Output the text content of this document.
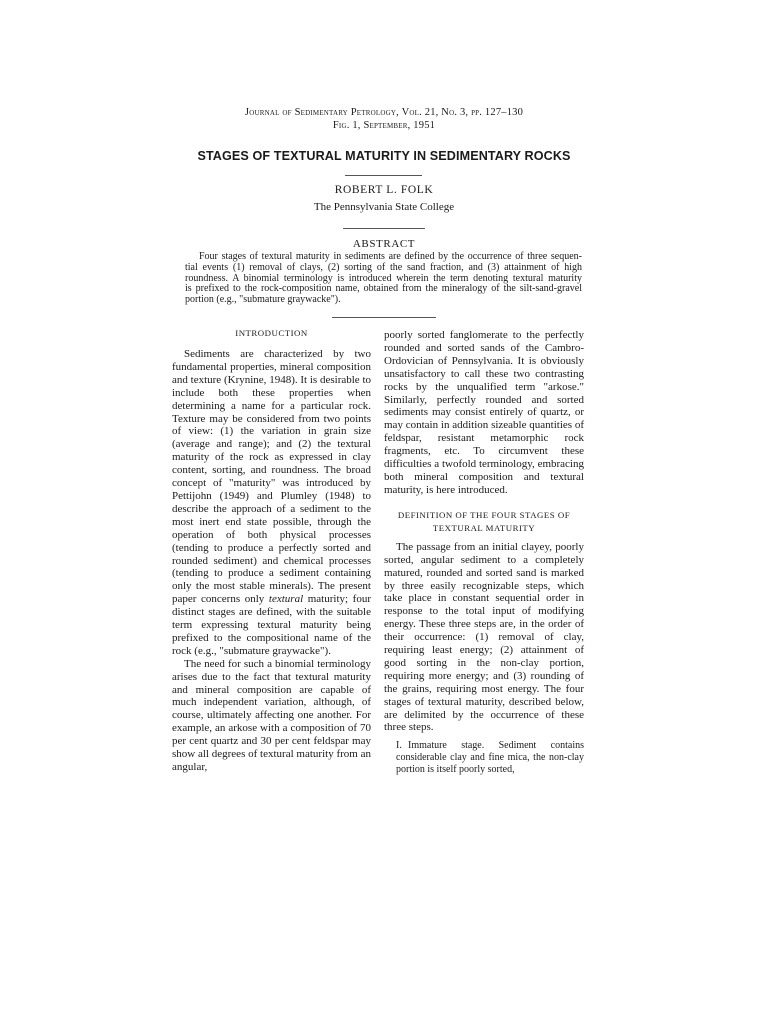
Journal of Sedimentary Petrology, Vol. 21, No. 3, pp. 127–130
Fig. 1, September, 1951
STAGES OF TEXTURAL MATURITY IN SEDIMENTARY ROCKS
ROBERT L. FOLK
The Pennsylvania State College
ABSTRACT
Four stages of textural maturity in sediments are defined by the occurrence of three sequen-
tial events (1) removal of clays, (2) sorting of the sand fraction, and (3) attainment of high
roundness. A binomial terminology is introduced wherein the term denoting textural maturity
is prefixed to the rock-composition name, obtained from the mineralogy of the silt-sand-gravel
portion (e.g., "submature graywacke").
INTRODUCTION

Sediments are characterized by two fundamental properties, mineral composition and texture (Krynine, 1948). It is desirable to include both these properties when determining a name for a particular rock. Texture may be considered from two points of view: (1) the variation in grain size (average and range); and (2) the textural maturity of the rock as expressed in clay content, sorting, and roundness. The broad concept of "maturity" was introduced by Pettijohn (1949) and Plumley (1948) to describe the approach of a sediment to the most inert end state possible, through the operation of both physical processes (tending to produce a perfectly sorted and rounded sediment) and chemical processes (tending to produce a sediment containing only the most stable minerals). The present paper concerns only textural maturity; four distinct stages are defined, with the suitable term expressing textural maturity being prefixed to the compositional name of the rock (e.g., "submature graywacke").

The need for such a binomial terminology arises due to the fact that textural maturity and mineral composition are capable of much independent variation, although, of course, ultimately affecting one another. For example, an arkose with a composition of 70 per cent quartz and 30 per cent feldspar may show all degrees of textural maturity from an angular,

poorly sorted fanglomerate to the perfectly rounded and sorted sands of the Cambro-Ordovician of Pennsylvania. It is obviously unsatisfactory to call these two contrasting rocks by the unqualified term "arkose." Similarly, perfectly rounded and sorted sediments may consist entirely of quartz, or may contain in addition sizeable quantities of feldspar, resistant metamorphic rock fragments, etc. To circumvent these difficulties a twofold terminology, embracing both mineral composition and textural maturity, is here introduced.

DEFINITION OF THE FOUR STAGES OF
TEXTURAL MATURITY

The passage from an initial clayey, poorly sorted, angular sediment to a completely matured, rounded and sorted sand is marked by three easily recognizable steps, which take place in constant sequential order in response to the total input of modifying energy. These three steps are, in the order of their occurrence: (1) removal of clay, requiring least energy; (2) attainment of good sorting in the non-clay portion, requiring more energy; and (3) rounding of the grains, requiring most energy. The four stages of textural maturity, described below, are delimited by the occurrence of these three steps.

I. Immature stage. Sediment contains considerable clay and fine mica, the non-clay portion is itself poorly sorted,
